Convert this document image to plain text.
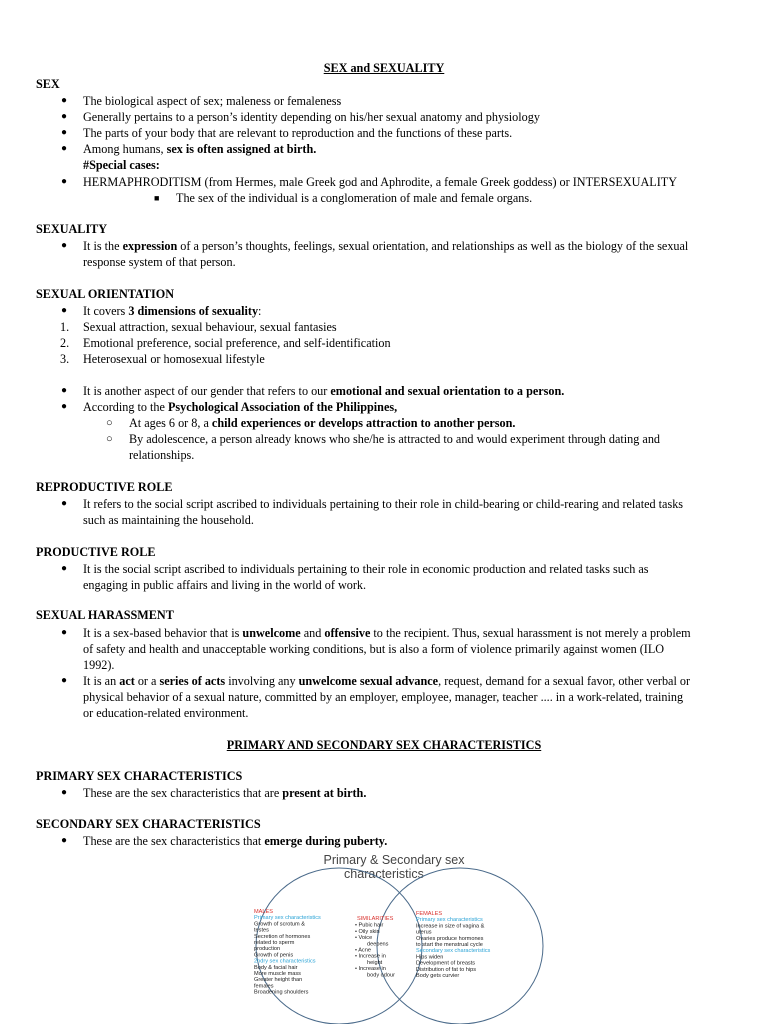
SEX and SEXUALITY
SEX
● The biological aspect of sex; maleness or femaleness
● Generally pertains to a person’s identity depending on his/her sexual anatomy and physiology
● The parts of your body that are relevant to reproduction and the functions of these parts.
● Among humans, sex is often assigned at birth.
#Special cases:
● HERMAPHRODITISM (from Hermes, male Greek god and Aphrodite, a female Greek goddess) or INTERSEXUALITY
■ The sex of the individual is a conglomeration of male and female organs.
SEXUALITY
● It is the expression of a person’s thoughts, feelings, sexual orientation, and relationships as well as the biology of the sexual
response system of that person.
SEXUAL ORIENTATION
● It covers 3 dimensions of sexuality:
1. Sexual attraction, sexual behaviour, sexual fantasies
2. Emotional preference, social preference, and self-identification
3. Heterosexual or homosexual lifestyle
● It is another aspect of our gender that refers to our emotional and sexual orientation to a person.
● According to the Psychological Association of the Philippines,
○ At ages 6 or 8, a child experiences or develops attraction to another person.
○ By adolescence, a person already knows who she/he is attracted to and would experiment through dating and
relationships.
REPRODUCTIVE ROLE
● It refers to the social script ascribed to individuals pertaining to their role in child-bearing or child-rearing and related tasks
such as maintaining the household.
PRODUCTIVE ROLE
● It is the social script ascribed to individuals pertaining to their role in economic production and related tasks such as
engaging in public affairs and living in the world of work.
SEXUAL HARASSMENT
● It is a sex-based behavior that is unwelcome and offensive to the recipient. Thus, sexual harassment is not merely a problem
of safety and health and unacceptable working conditions, but is also a form of violence primarily against women (ILO
1992).
● It is an act or a series of acts involving any unwelcome sexual advance, request, demand for a sexual favor, other verbal or
physical behavior of a sexual nature, committed by an employer, employee, manager, teacher .... in a work-related, training
or education-related environment.
PRIMARY AND SECONDARY SEX CHARACTERISTICS
PRIMARY SEX CHARACTERISTICS
● These are the sex characteristics that are present at birth.
SECONDARY SEX CHARACTERISTICS
● These are the sex characteristics that emerge during puberty.
Primary & Secondary sex
characteristics
MALES
Primary sex characteristics
Growth of scrotum &
testes
Secretion of hormones
related to sperm
production
Growth of penis
2ndry sex characteristics
Body & facial hair
More muscle mass
Greater height than
females
Broadening shoulders
SIMILARITIES
• Pubic hair
• Oily skin
• Voice
deepens
• Acne
• Increase in
height
• Increase in
body odour
FEMALES
Primary sex characteristics
Increase in size of vagina &
uterus
Ovaries produce hormones
to start the menstrual cycle
Secondary sex characteristics
Hips widen
Development of breasts
Distribution of fat to hips
Body gets curvier
